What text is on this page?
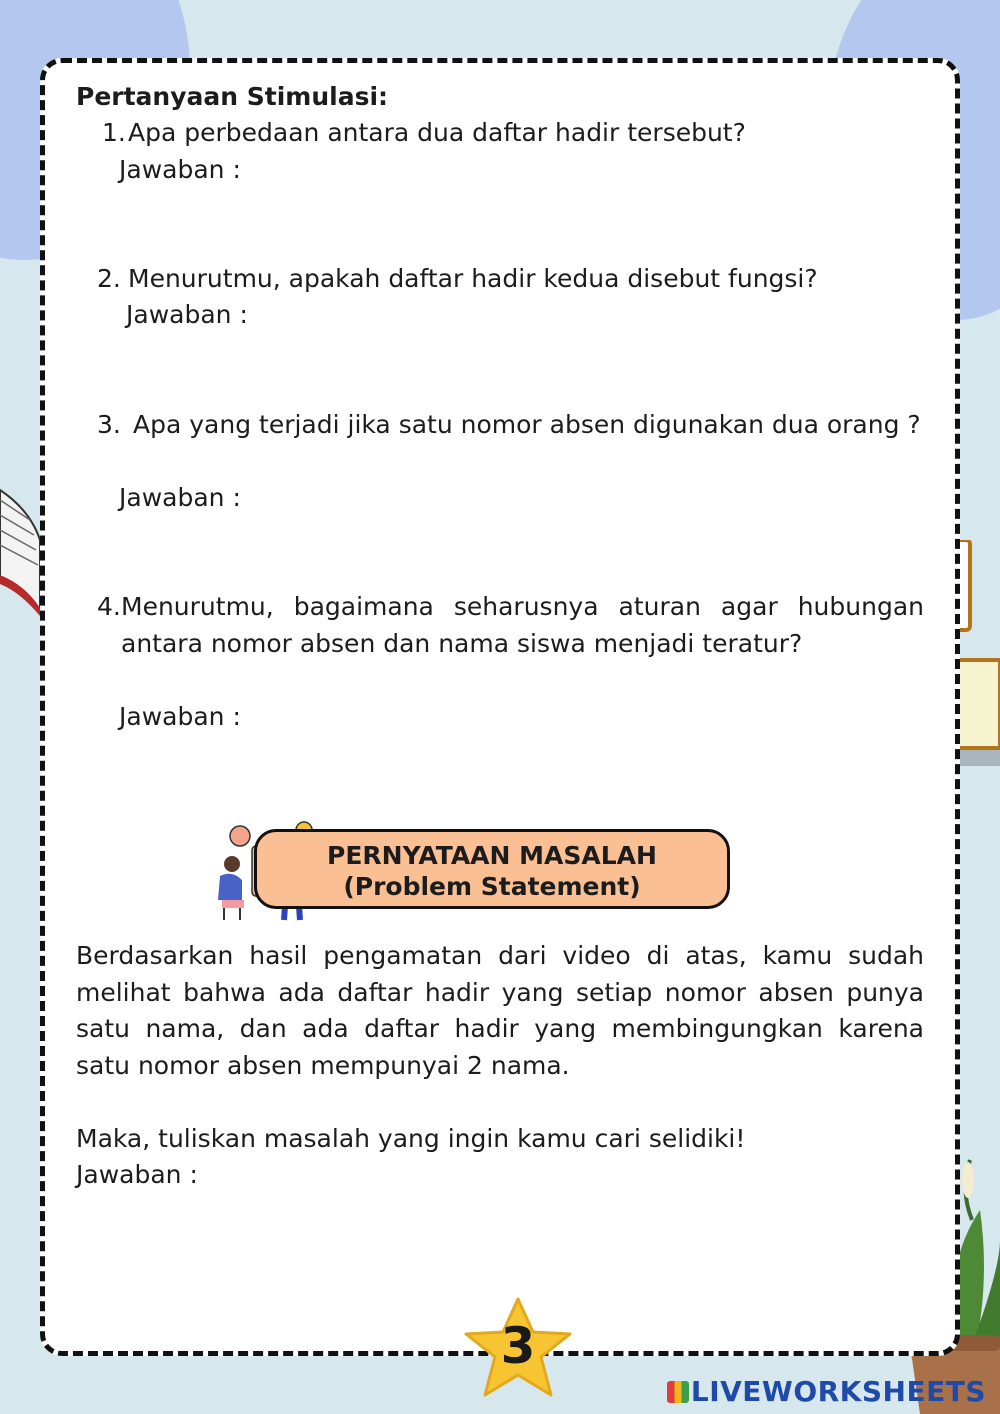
Pertanyaan Stimulasi:
1. Apa perbedaan antara dua daftar hadir tersebut?
Jawaban :
2. Menurutmu, apakah daftar hadir kedua disebut fungsi?
Jawaban :
3. Apa yang terjadi jika satu nomor absen digunakan dua orang ?
Jawaban :
4. Menurutmu, bagaimana seharusnya aturan agar hubungan antara nomor absen dan nama siswa menjadi teratur?
Jawaban :
PERNYATAAN MASALAH
(Problem Statement)
Berdasarkan hasil pengamatan dari video di atas, kamu sudah melihat bahwa ada daftar hadir yang setiap nomor absen punya satu nama, dan ada daftar hadir yang membingungkan karena satu nomor absen mempunyai 2 nama.
Maka, tuliskan masalah yang ingin kamu cari selidiki!
Jawaban :
3
LIVEWORKSHEETS
